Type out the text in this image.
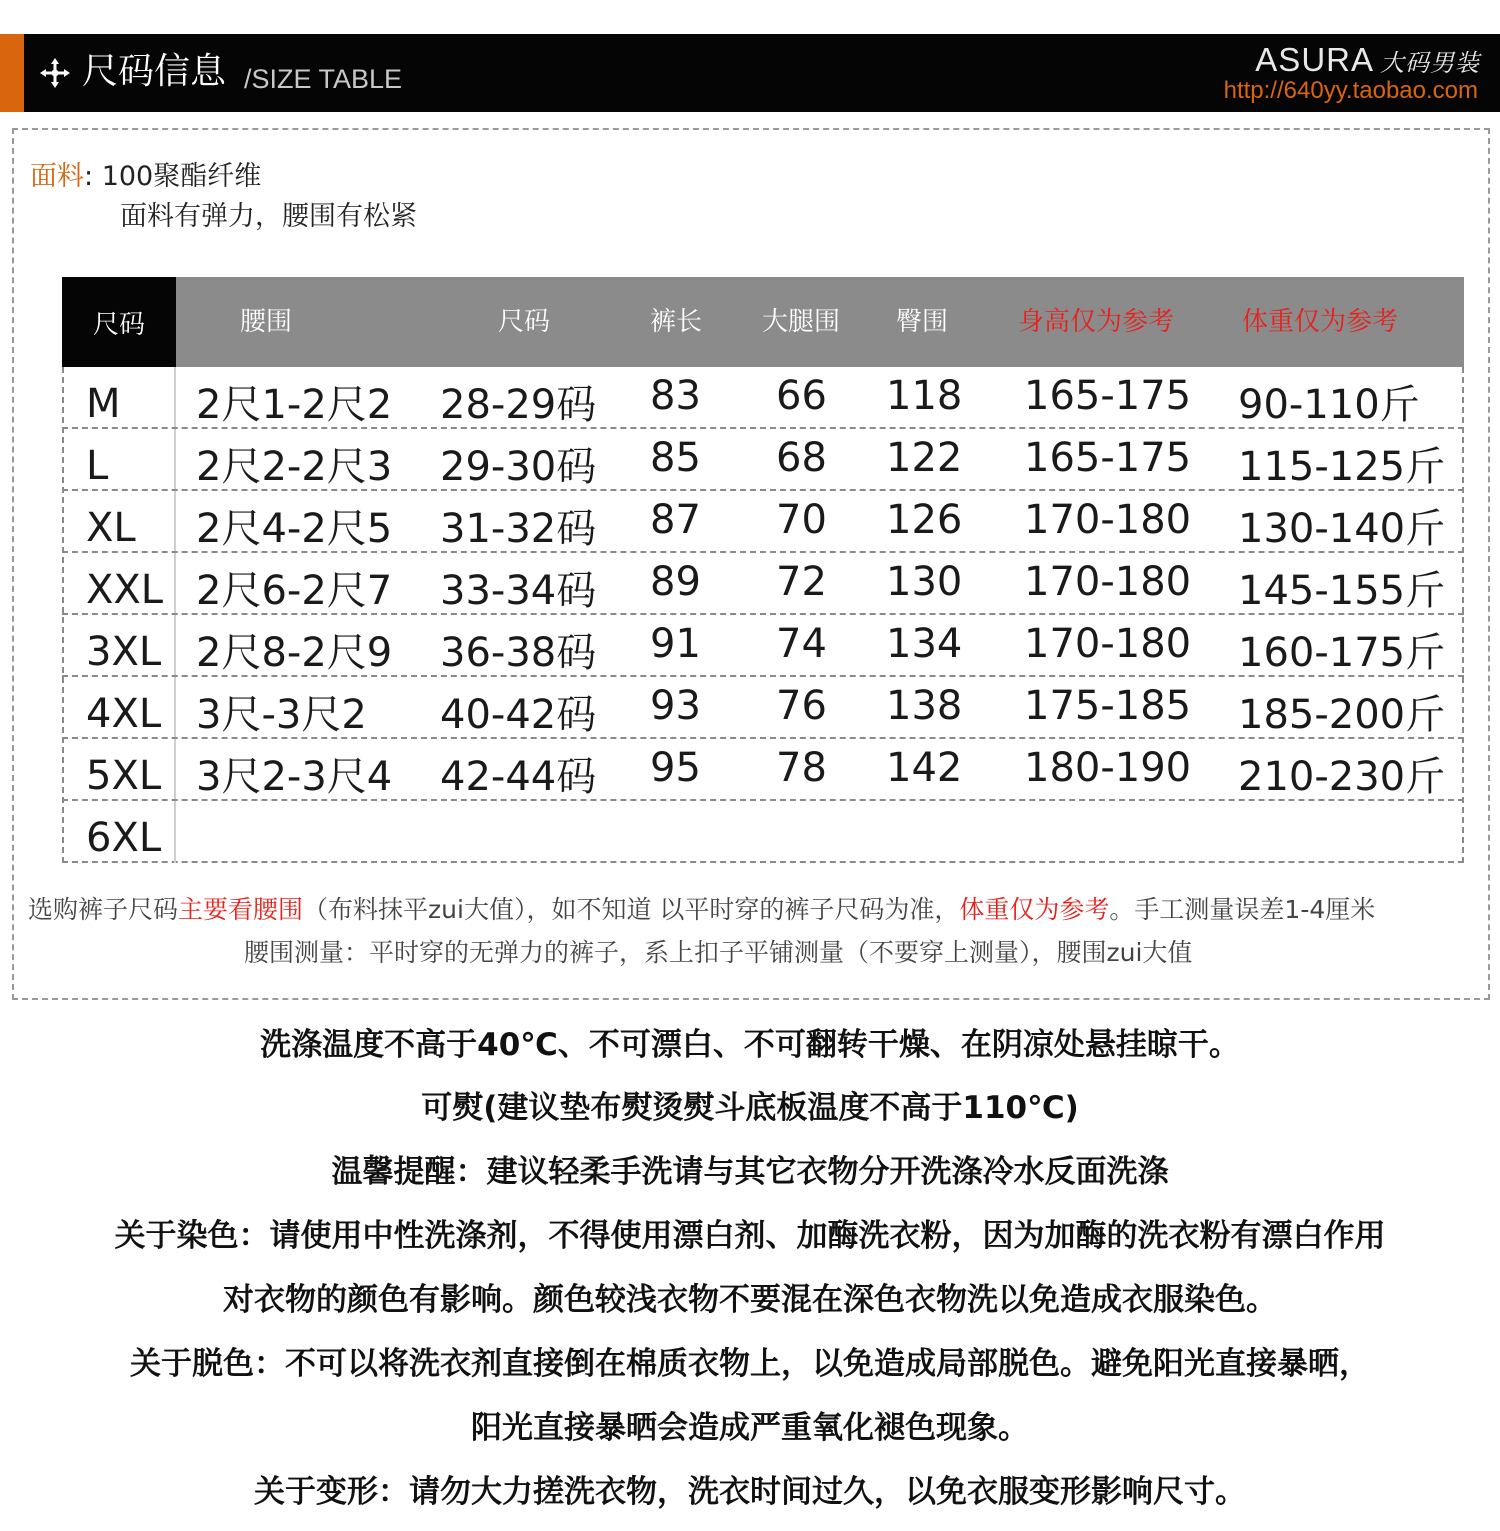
尺码信息 /SIZE TABLE
ASURA 大码男装
http://640yy.taobao.com
面料: 100聚酯纤维
面料有弹力，腰围有松紧
尺码	腰围	尺码	裤长 大腿围 臀围	身高仅为参考	体重仅为参考
M 2尺1-2尺2 28-29码 83 66 118 165-175 90-110斤
L 2尺2-2尺3 29-30码 85 68 122 165-175 115-125斤
XL 2尺4-2尺5 31-32码 87 70 126 170-180 130-140斤
XXL 2尺6-2尺7 33-34码 89 72 130 170-180 145-155斤
3XL 2尺8-2尺9 36-38码 91 74 134 170-180 160-175斤
4XL 3尺-3尺2 40-42码 93 76 138 175-185 185-200斤
5XL 3尺2-3尺4 42-44码 95 78 142 180-190 210-230斤
6XL
选购裤子尺码主要看腰围（布料抹平zui大值），如不知道 以平时穿的裤子尺码为准，体重仅为参考。手工测量误差1-4厘米
腰围测量：平时穿的无弹力的裤子，系上扣子平铺测量（不要穿上测量），腰围zui大值
洗涤温度不高于40℃、不可漂白、不可翻转干燥、在阴凉处悬挂晾干。
可熨(建议垫布熨烫熨斗底板温度不高于110℃)
温馨提醒：建议轻柔手洗请与其它衣物分开洗涤冷水反面洗涤
关于染色：请使用中性洗涤剂，不得使用漂白剂、加酶洗衣粉，因为加酶的洗衣粉有漂白作用
对衣物的颜色有影响。颜色较浅衣物不要混在深色衣物洗以免造成衣服染色。
关于脱色：不可以将洗衣剂直接倒在棉质衣物上，以免造成局部脱色。避免阳光直接暴晒，
阳光直接暴晒会造成严重氧化褪色现象。
关于变形：请勿大力搓洗衣物，洗衣时间过久，以免衣服变形影响尺寸。
